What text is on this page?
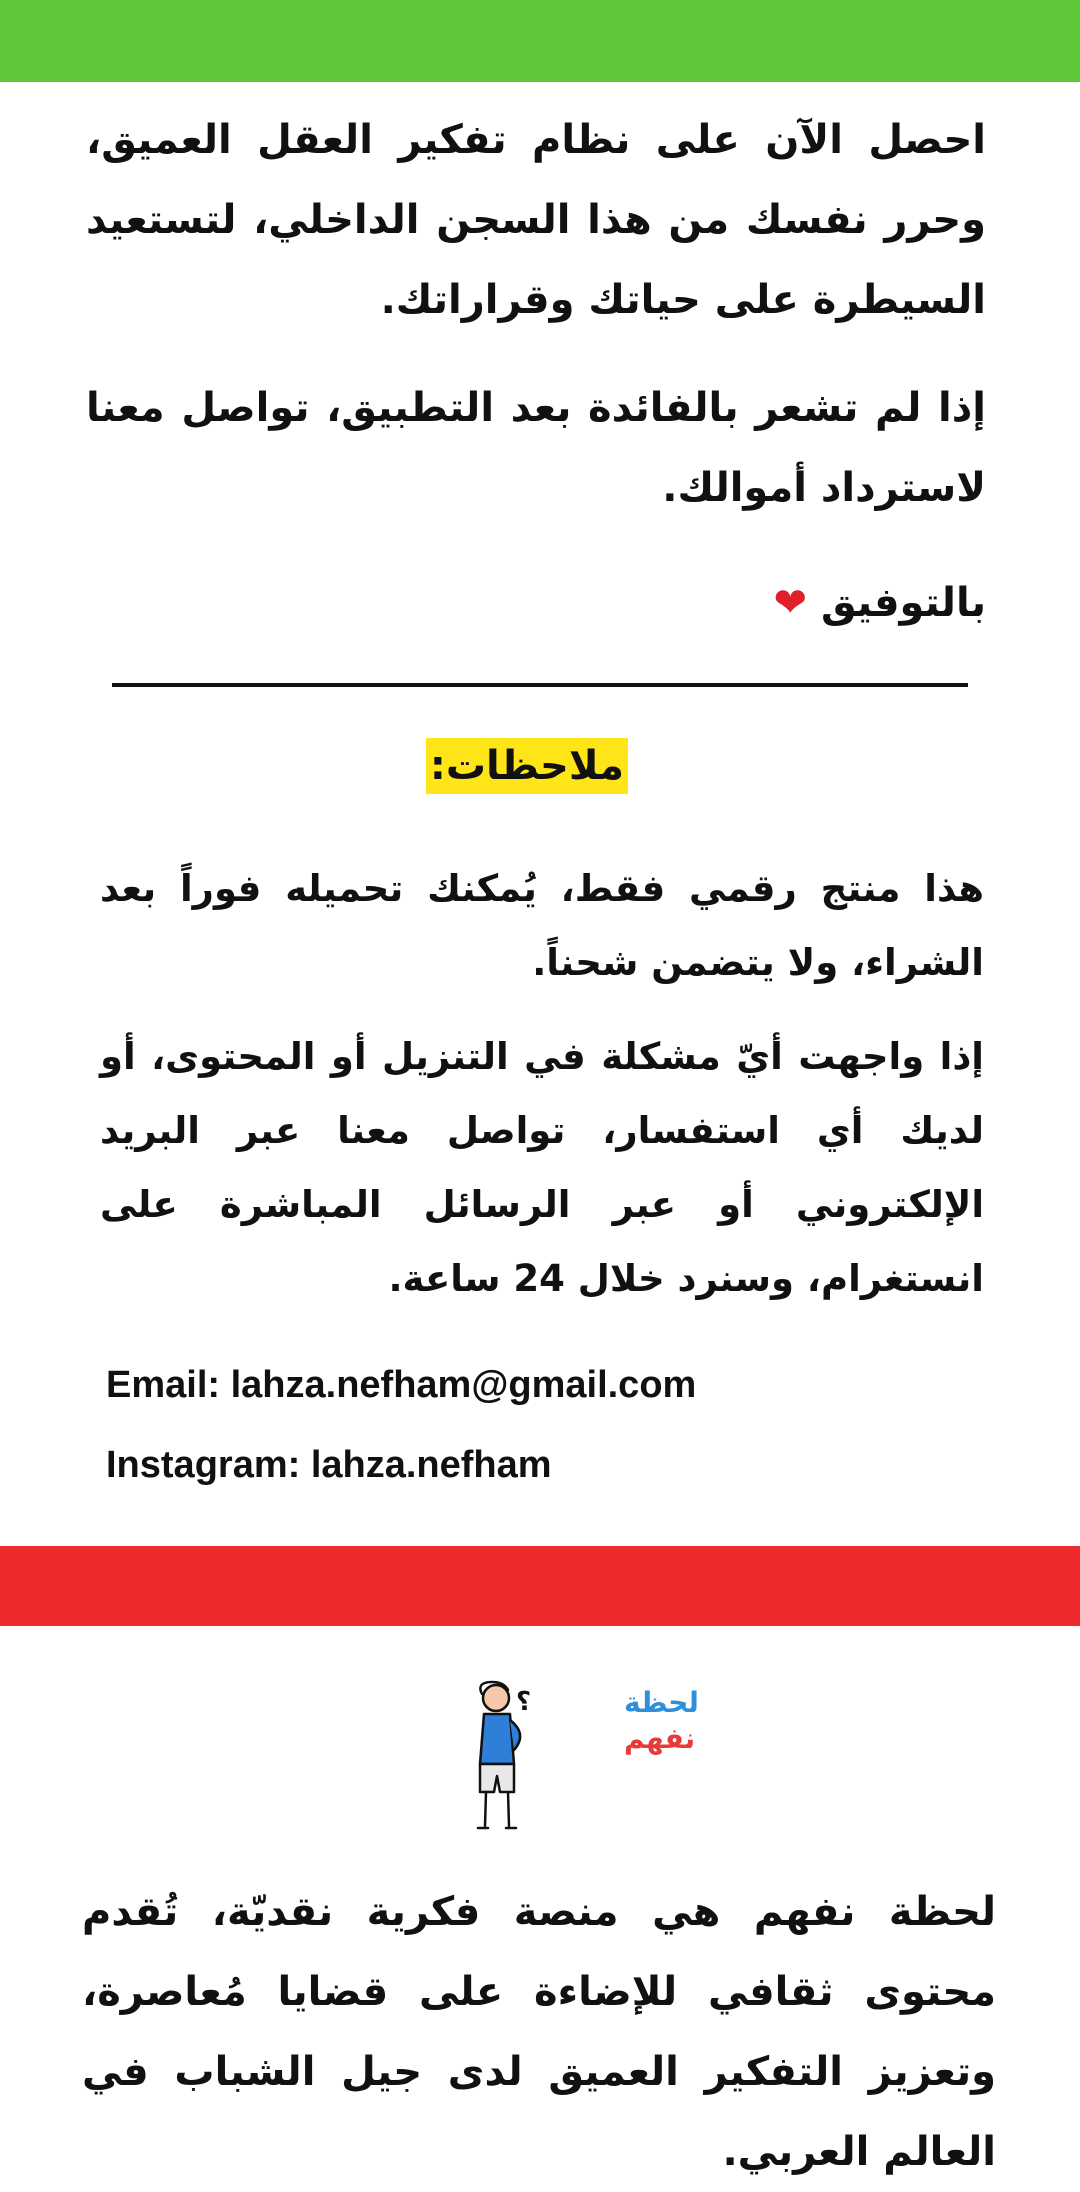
احصل الآن على نظام تفكير العقل العميق، وحرر نفسك من هذا السجن الداخلي، لتستعيد السيطرة على حياتك وقراراتك.
إذا لم تشعر بالفائدة بعد التطبيق، تواصل معنا لاسترداد أموالك.
بالتوفيق ❤
ملاحظات:
هذا منتج رقمي فقط، يُمكنك تحميله فوراً بعد الشراء، ولا يتضمن شحناً.
إذا واجهت أيّ مشكلة في التنزيل أو المحتوى، أو لديك أي استفسار، تواصل معنا عبر البريد الإلكتروني أو عبر الرسائل المباشرة على انستغرام، وسنرد خلال 24 ساعة.
Email: lahza.nefham@gmail.com
Instagram: lahza.nefham
؟	لحظة
نفهم
لحظة نفهم هي منصة فكرية نقديّة، تُقدم محتوى ثقافي للإضاءة على قضايا مُعاصرة، وتعزيز التفكير العميق لدى جيل الشباب في العالم العربي.
